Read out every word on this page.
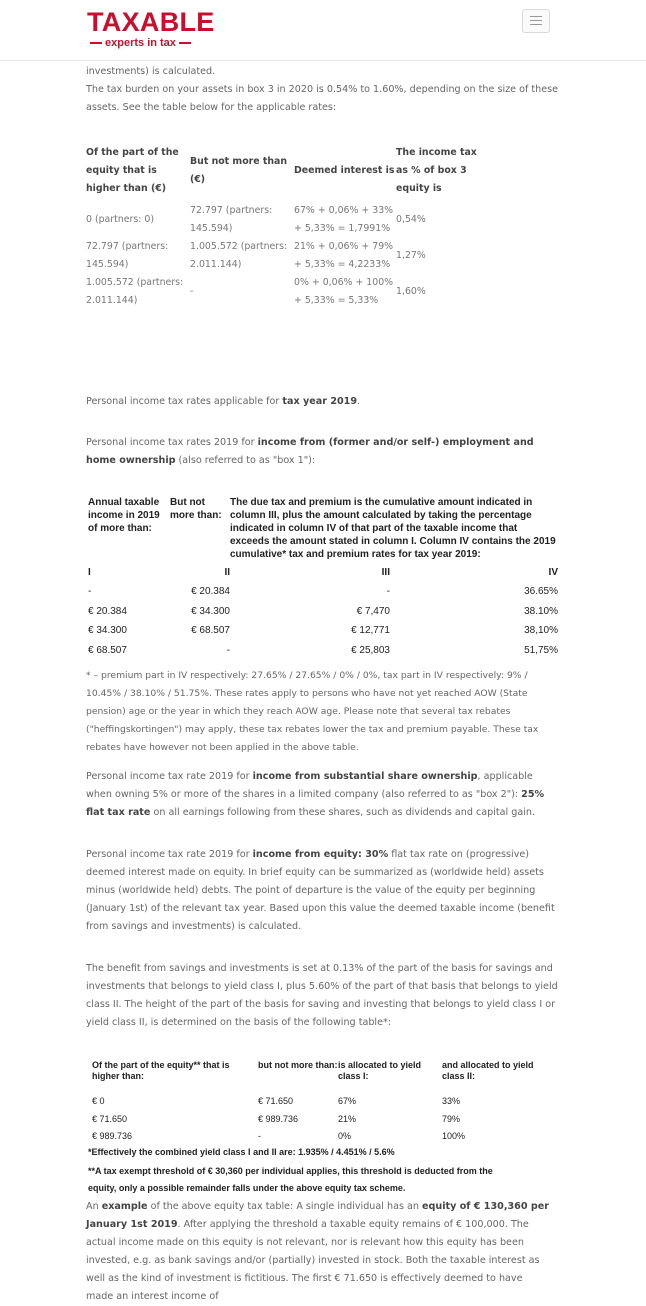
TAXABLE
experts in tax

investments) is calculated.

The tax burden on your assets in box 3 in 2020 is 0.54% to 1.60%, depending on the size of these assets. See the table below for the applicable rates:

Of the part of the equity that is higher than (€)	But not more than (€)	Deemed interest is	The income tax as % of box 3 equity is
0 (partners: 0)	72.797 (partners: 145.594)	67% + 0,06% + 33% + 5,33% = 1,7991%	0,54%
72.797 (partners: 145.594)	1.005.572 (partners: 2.011.144)	21% + 0,06% + 79% + 5,33% = 4,2233%	1,27%
1.005.572 (partners: 2.011.144)	-	0% + 0,06% + 100% + 5,33% = 5,33%	1,60%

Personal income tax rates applicable for tax year 2019.

Personal income tax rates 2019 for income from (former and/or self-) employment and home ownership (also referred to as "box 1"):

Annual taxable income in 2019 of more than:	But not more than:	The due tax and premium is the cumulative amount indicated in column III, plus the amount calculated by taking the percentage indicated in column IV of that part of the taxable income that exceeds the amount stated in column I. Column IV contains the 2019 cumulative* tax and premium rates for tax year 2019:	
I	II	III	IV
-	€ 20.384	-	36.65%
€ 20.384	€ 34.300	€ 7,470	38.10%
€ 34.300	€ 68.507	€ 12,771	38,10%
€ 68.507	-	€ 25,803	51,75%

* – premium part in IV respectively: 27.65% / 27.65% / 0% / 0%, tax part in IV respectively: 9% / 10.45% / 38.10% / 51.75%. These rates apply to persons who have not yet reached AOW (State pension) age or the year in which they reach AOW age. Please note that several tax rebates ("heffingskortingen") may apply, these tax rebates lower the tax and premium payable. These tax rebates have however not been applied in the above table.

Personal income tax rate 2019 for income from substantial share ownership, applicable when owning 5% or more of the shares in a limited company (also referred to as "box 2"): 25% flat tax rate on all earnings following from these shares, such as dividends and capital gain.

Personal income tax rate 2019 for income from equity: 30% flat tax rate on (progressive) deemed interest made on equity. In brief equity can be summarized as (worldwide held) assets minus (worldwide held) debts. The point of departure is the value of the equity per beginning (January 1st) of the relevant tax year. Based upon this value the deemed taxable income (benefit from savings and investments) is calculated.

The benefit from savings and investments is set at 0.13% of the part of the basis for savings and investments that belongs to yield class I, plus 5.60% of the part of that basis that belongs to yield class II. The height of the part of the basis for saving and investing that belongs to yield class I or yield class II, is determined on the basis of the following table*:

Of the part of the equity** that is higher than:	but not more than:	is allocated to yield class I:	and allocated to yield class II:
€ 0	€ 71.650	67%	33%
€ 71.650	€ 989.736	21%	79%
€ 989.736	-	0%	100%
*Effectively the combined yield class I and II are: 1.935% / 4.451% / 5.6%
**A tax exempt threshold of € 30,360 per individual applies, this threshold is deducted from the equity, only a possible remainder falls under the above equity tax scheme.

An example of the above equity tax table: A single individual has an equity of € 130,360 per January 1st 2019. After applying the threshold a taxable equity remains of € 100,000. The actual income made on this equity is not relevant, nor is relevant how this equity has been invested, e.g. as bank savings and/or (partially) invested in stock. Both the taxable interest as well as the kind of investment is fictitious. The first € 71.650 is effectively deemed to have made an interest income of
